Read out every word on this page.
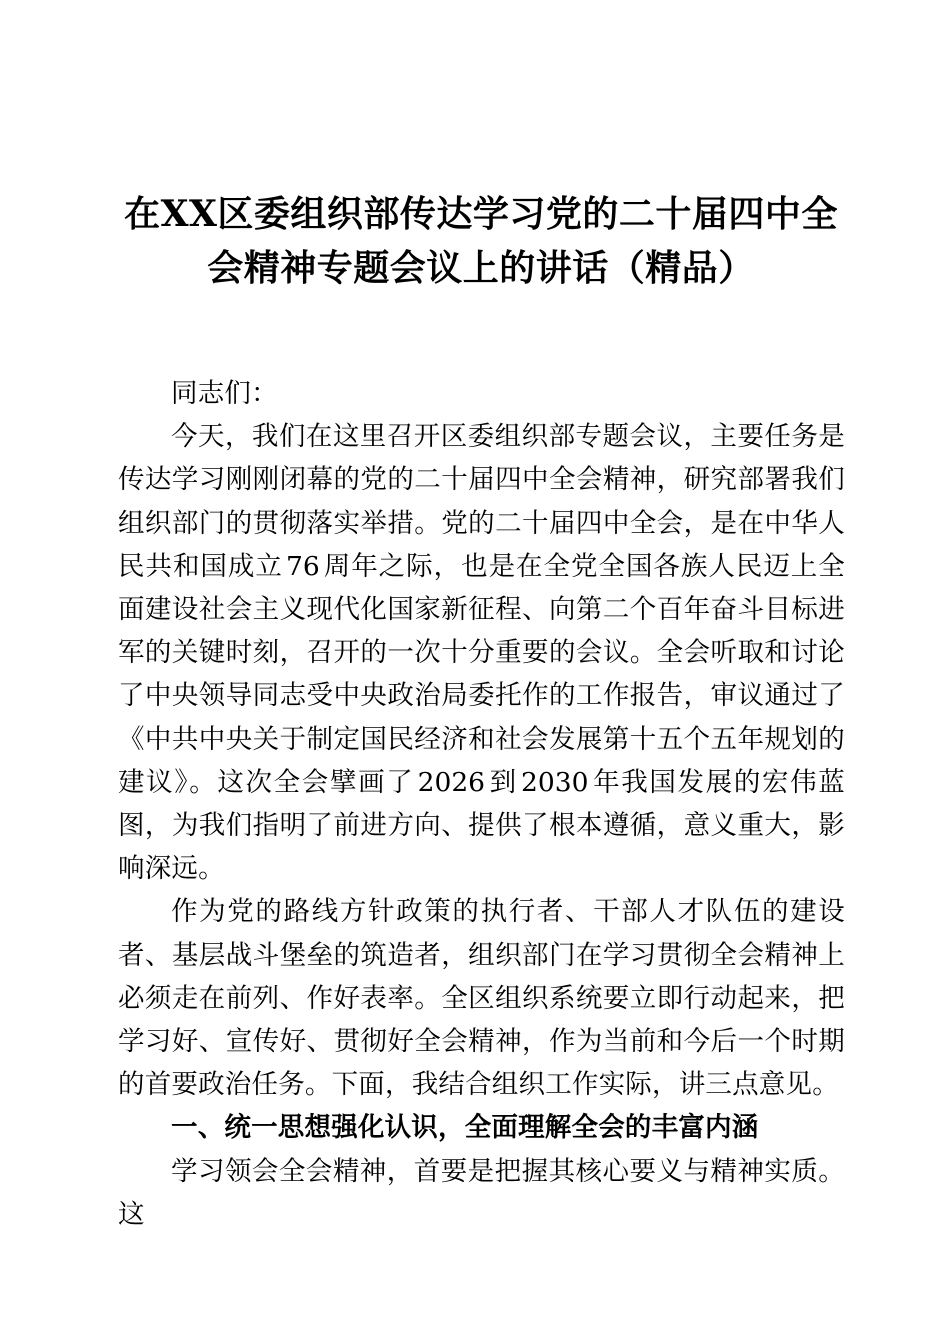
在XX区委组织部传达学习党的二十届四中全会精神专题会议上的讲话（精品）

同志们：

今天，我们在这里召开区委组织部专题会议，主要任务是传达学习刚刚闭幕的党的二十届四中全会精神，研究部署我们组织部门的贯彻落实举措。党的二十届四中全会，是在中华人民共和国成立 76 周年之际，也是在全党全国各族人民迈上全面建设社会主义现代化国家新征程、向第二个百年奋斗目标进军的关键时刻，召开的一次十分重要的会议。全会听取和讨论了中央领导同志受中央政治局委托作的工作报告，审议通过了《中共中央关于制定国民经济和社会发展第十五个五年规划的建议》。这次全会擘画了 2026 到 2030 年我国发展的宏伟蓝图，为我们指明了前进方向、提供了根本遵循，意义重大，影响深远。

作为党的路线方针政策的执行者、干部人才队伍的建设者、基层战斗堡垒的筑造者，组织部门在学习贯彻全会精神上必须走在前列、作好表率。全区组织系统要立即行动起来，把学习好、宣传好、贯彻好全会精神，作为当前和今后一个时期的首要政治任务。下面，我结合组织工作实际，讲三点意见。

一、统一思想强化认识，全面理解全会的丰富内涵

学习领会全会精神，首要是把握其核心要义与精神实质。这
